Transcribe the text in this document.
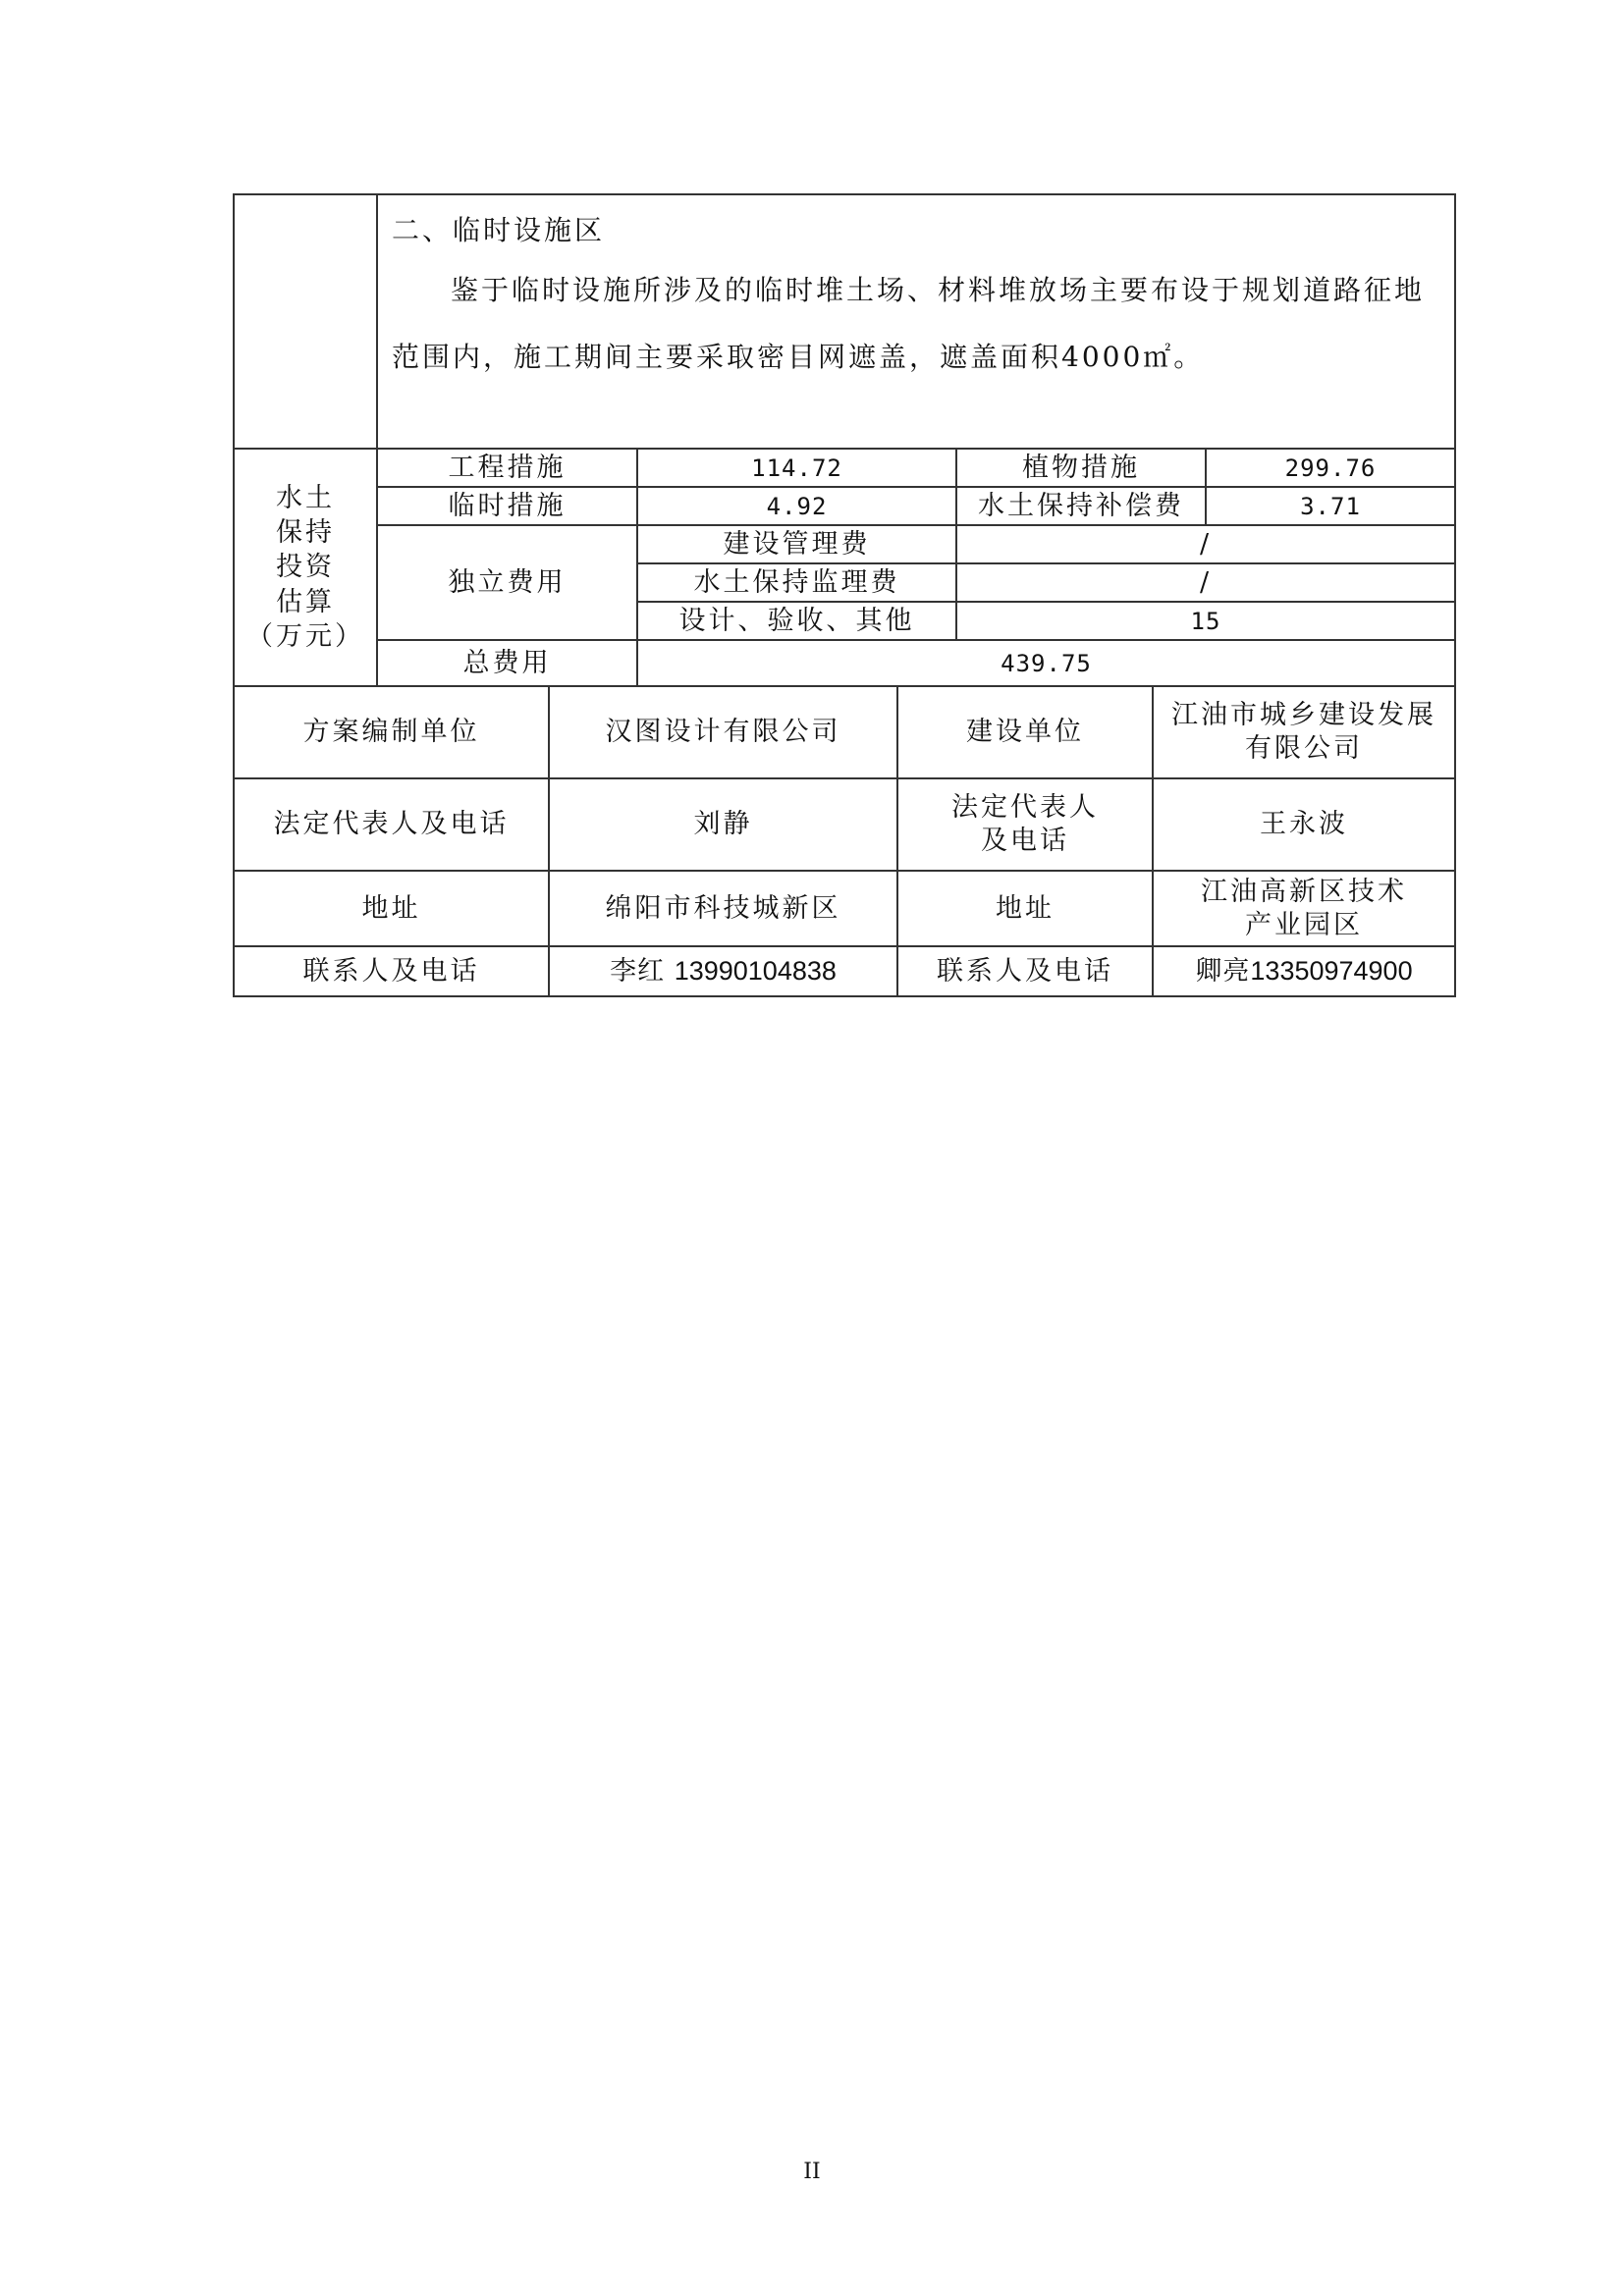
	二、临时设施区
鉴于临时设施所涉及的临时堆土场、材料堆放场主要布设于规划道路征地范围内，施工期间主要采取密目网遮盖，遮盖面积4000㎡。			

水土
保持
投资
估算
（万元）	工程措施	114.72	植物措施	299.76
	临时措施	4.92	水土保持补偿费	3.71
	独立费用	建设管理费	/	
		水土保持监理费	/	
		设计、验收、其他	15	
	总费用	439.75		
方案编制单位	汉图设计有限公司	建设单位	江油市城乡建设发展
有限公司

法定代表人及电话	刘静	法定代表人
及电话	王永波
地址	绵阳市科技城新区	地址	江油高新区技术
产业园区

联系人及电话	李红 13990104838	联系人及电话	卿亮13350974900
II
